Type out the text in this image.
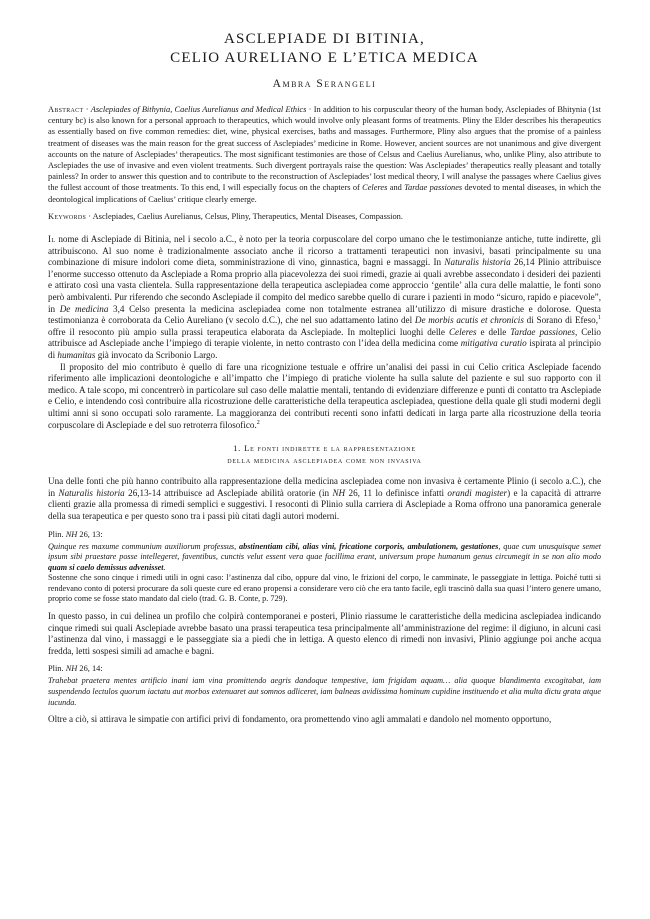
ASCLEPIADE DI BITINIA,
CELIO AURELIANO E L’ETICA MEDICA
Ambra Serangeli

Abstract · Asclepiades of Bithynia, Caelius Aurelianus and Medical Ethics · In addition to his corpuscular theory of the human body, Asclepiades of Bhitynia (1st century bc) is also known for a personal approach to therapeutics, which would involve only pleasant forms of treatments. Pliny the Elder describes his therapeutics as essentially based on five common remedies: diet, wine, physical exercises, baths and massages. Furthermore, Pliny also argues that the promise of a painless treatment of diseases was the main reason for the great success of Asclepiades’ medicine in Rome. However, ancient sources are not unanimous and give divergent accounts on the nature of Asclepiades’ therapeutics. The most significant testimonies are those of Celsus and Caelius Aurelianus, who, unlike Pliny, also attribute to Asclepiades the use of invasive and even violent treatments. Such divergent portrayals raise the question: Was Asclepiades’ therapeutics really pleasant and totally painless? In order to answer this question and to contribute to the reconstruction of Asclepiades’ lost medical theory, I will analyse the passages where Caelius gives the fullest account of those treatments. To this end, I will especially focus on the chapters of Celeres and Tardae passiones devoted to mental diseases, in which the deontological implications of Caelius’ critique clearly emerge.

Keywords · Asclepiades, Caelius Aurelianus, Celsus, Pliny, Therapeutics, Mental Diseases, Compassion.

Il nome di Asclepiade di Bitinia, nel i secolo a.C., è noto per la teoria corpuscolare del corpo umano che le testimonianze antiche, tutte indirette, gli attribuiscono. Al suo nome è tradizionalmente associato anche il ricorso a trattamenti terapeutici non invasivi, basati principalmente su una combinazione di misure indolori come dieta, somministrazione di vino, ginnastica, bagni e massaggi. In Naturalis historia 26,14 Plinio attribuisce l’enorme successo ottenuto da Asclepiade a Roma proprio alla piacevolezza dei suoi rimedi, grazie ai quali avrebbe assecondato i desideri dei pazienti e attirato così una vasta clientela. Sulla rappresentazione della terapeutica asclepiadea come approccio ‘gentile’ alla cura delle malattie, le fonti sono però ambivalenti. Pur riferendo che secondo Asclepiade il compito del medico sarebbe quello di curare i pazienti in modo “sicuro, rapido e piacevole”, in De medicina 3,4 Celso presenta la medicina asclepiadea come non totalmente estranea all’utilizzo di misure drastiche e dolorose. Questa testimonianza è corroborata da Celio Aureliano (v secolo d.C.), che nel suo adattamento latino del De morbis acutis et chronicis di Sorano di Efeso,$^1$ offre il resoconto più ampio sulla prassi terapeutica elaborata da Asclepiade. In molteplici luoghi delle Celeres e delle Tardae passiones, Celio attribuisce ad Asclepiade anche l’impiego di terapie violente, in netto contrasto con l’idea della medicina come mitigativa curatio ispirata al principio di humanitas già invocato da Scribonio Largo.

Il proposito del mio contributo è quello di fare una ricognizione testuale e offrire un’analisi dei passi in cui Celio critica Asclepiade facendo riferimento alle implicazioni deontologiche e all’impatto che l’impiego di pratiche violente ha sulla salute del paziente e sul suo rapporto con il medico. A tale scopo, mi concentrerò in particolare sul caso delle malattie mentali, tentando di evidenziare differenze e punti di contatto tra Asclepiade e Celio, e intendendo così contribuire alla ricostruzione delle caratteristiche della terapeutica asclepiadea, questione della quale gli studi moderni degli ultimi anni si sono occupati solo raramente. La maggioranza dei contributi recenti sono infatti dedicati in larga parte alla ricostruzione della teoria corpuscolare di Asclepiade e del suo retroterra filosofico.$^2$

1. Le fonti indirette e la rappresentazione
della medicina asclepiadea come non invasiva

Una delle fonti che più hanno contribuito alla rappresentazione della medicina asclepiadea come non invasiva è certamente Plinio (i secolo a.C.), che in Naturalis historia 26,13-14 attribuisce ad Asclepiade abilità oratorie (in NH 26, 11 lo definisce infatti orandi magister) e la capacità di attrarre clienti grazie alla promessa di rimedi semplici e suggestivi. I resoconti di Plinio sulla carriera di Asclepiade a Roma offrono una panoramica generale della sua terapeutica e per questo sono tra i passi più citati dagli autori moderni.

Plin. NH 26, 13:

Quinque res maxume communium auxiliorum professus, abstinentiam cibi, alias vini, fricatione corporis, ambulationem, gestationes, quae cum unusquisque semet ipsum sibi praestare posse intellegeret, faventibus, cunctis velut essent vera quae facillima erant, universum prope humanum genus circumegit in se non alio modo quam si caelo demissus advenisset.

Sostenne che sono cinque i rimedi utili in ogni caso: l’astinenza dal cibo, oppure dal vino, le frizioni del corpo, le camminate, le passeggiate in lettiga. Poiché tutti si rendevano conto di potersi procurare da soli queste cure ed erano propensi a considerare vero ciò che era tanto facile, egli trascinò dalla sua quasi l’intero genere umano, proprio come se fosse stato mandato dal cielo (trad. G. B. Conte, p. 729).

In questo passo, in cui delinea un profilo che colpirà contemporanei e posteri, Plinio riassume le caratteristiche della medicina asclepiadea indicando cinque rimedi sui quali Asclepiade avrebbe basato una prassi terapeutica tesa principalmente all’amministrazione del regime: il digiuno, in alcuni casi l’astinenza dal vino, i massaggi e le passeggiate sia a piedi che in lettiga. A questo elenco di rimedi non invasivi, Plinio aggiunge poi anche acqua fredda, letti sospesi simili ad amache e bagni.

Plin. NH 26, 14:

Trahebat praetera mentes artificio inani iam vina promittendo aegris dandoque tempestive, iam frigidam aquam… alia quoque blandimenta excogitabat, iam suspendendo lectulos quorum iactatu aut morbos extenuaret aut somnos adliceret, iam balneas avidissima hominum cupidine instituendo et alia multa dictu grata atque iucunda.

Oltre a ciò, si attirava le simpatie con artifici privi di fondamento, ora promettendo vino agli ammalati e dandolo nel momento opportuno,
